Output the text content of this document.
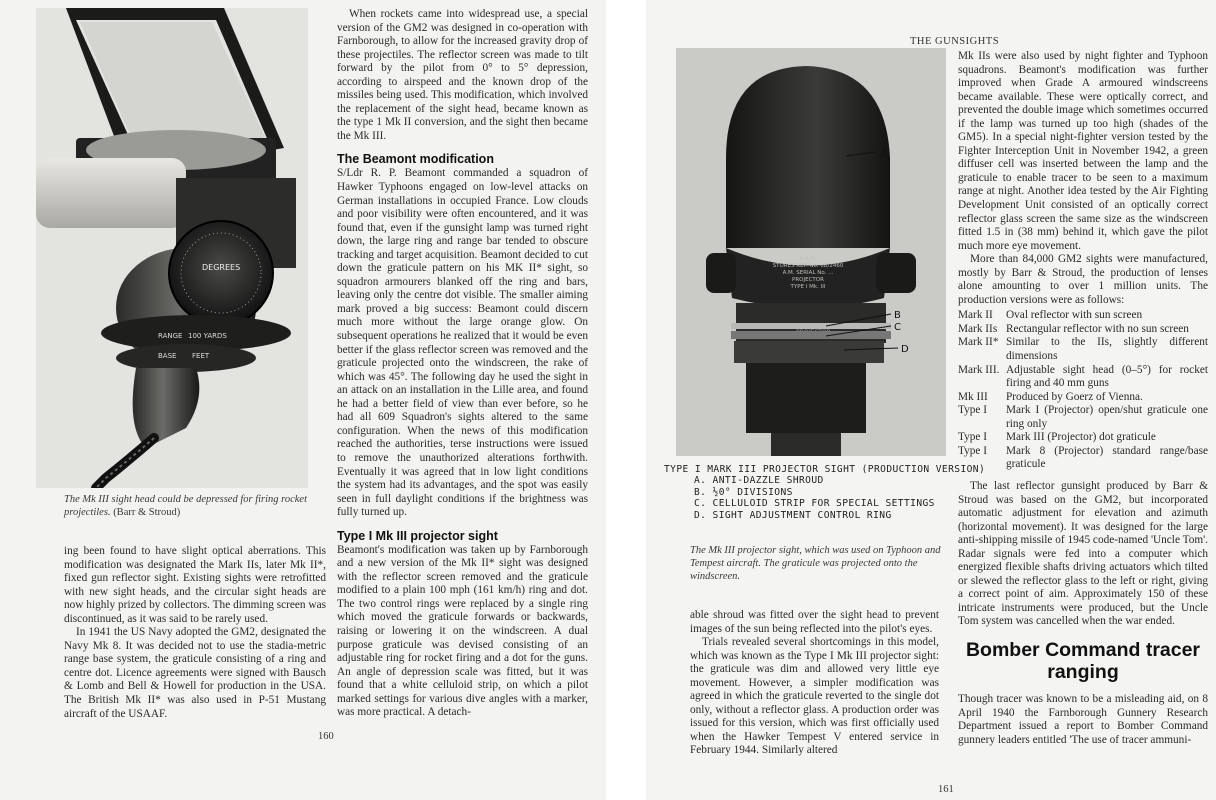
DEGREES
RANGE 100 YARDS
BASE FEET
The Mk III sight head could be depressed for firing rocket projectiles. (Barr & Stroud)

ing been found to have slight optical aberrations. This modification was designated the Mark IIs, later Mk II*, fixed gun reflector sight. Existing sights were retrofitted with new sight heads, and the circular sight heads are now highly prized by collectors. The dimming screen was discontinued, as it was said to be rarely used.

In 1941 the US Navy adopted the GM2, designated the Navy Mk 8. It was decided not to use the stadia-metric range base system, the graticule consisting of a ring and centre dot. Licence agreements were signed with Bausch & Lomb and Bell & Howell for production in the USA. The British Mk II* was also used in P-51 Mustang aircraft of the USAAF.

When rockets came into widespread use, a special version of the GM2 was designed in co-operation with Farnborough, to allow for the increased gravity drop of these projectiles. The reflector screen was made to tilt forward by the pilot from 0° to 5° depression, according to airspeed and the known drop of the missiles being used. This modification, which involved the replacement of the sight head, became known as the type 1 Mk II conversion, and the sight then became the Mk III.

The Beamont modification

S/Ldr R. P. Beamont commanded a squadron of Hawker Typhoons engaged on low-level attacks on German installations in occupied France. Low clouds and poor visibility were often encountered, and it was found that, even if the gunsight lamp was turned right down, the large ring and range bar tended to obscure tracking and target acquisition. Beamont decided to cut down the graticule pattern on his MK II* sight, so squadron armourers blanked off the ring and bars, leaving only the centre dot visible. The smaller aiming mark proved a big success: Beamont could discern much more without the large orange glow. On subsequent operations he realized that it would be even better if the glass reflector screen was removed and the graticule projected onto the windscreen, the rake of which was 45°. The following day he used the sight in an attack on an installation in the Lille area, and found he had a better field of view than ever before, so he had all 609 Squadron's sights altered to the same configuration. When the news of this modification reached the authorities, terse instructions were issued to remove the unauthorized alterations forthwith. Eventually it was agreed that in low light conditions the system had its advantages, and the spot was easily seen in full daylight conditions if the brightness was fully turned up.

Type I Mk III projector sight

Beamont's modification was taken up by Farnborough and a new version of the Mk II* sight was designed with the reflector screen removed and the graticule modified to a plain 100 mph (161 km/h) ring and dot. The two control rings were replaced by a single ring which moved the graticule forwards or backwards, raising or lowering it on the windscreen. A dual purpose graticule was devised consisting of an adjustable ring for rocket firing and a dot for the guns. An angle of depression scale was fitted, but it was found that a white celluloid strip, on which a pilot marked settings for various dive angles with a marker, was more practical. A detach-

160
THE GUNSIGHTS
A.A.M.
STORES REF. No. 6B/2460
A.M. SERIAL No. ...
PROJECTOR
TYPE I Mk. III
A
B
C
D
TYPE I MARK III PROJECTOR SIGHT (PRODUCTION VERSION)
A. ANTI-DAZZLE SHROUD
B. ½0° DIVISIONS
C. CELLULOID STRIP FOR SPECIAL SETTINGS
D. SIGHT ADJUSTMENT CONTROL RING
The Mk III projector sight, which was used on Typhoon and Tempest aircraft. The graticule was projected onto the windscreen.

able shroud was fitted over the sight head to prevent images of the sun being reflected into the pilot's eyes.

Trials revealed several shortcomings in this model, which was known as the Type I Mk III projector sight: the graticule was dim and allowed very little eye movement. However, a simpler modification was agreed in which the graticule reverted to the single dot only, without a reflector glass. A production order was issued for this version, which was first officially used when the Hawker Tempest V entered service in February 1944. Similarly altered

Mk IIs were also used by night fighter and Typhoon squadrons. Beamont's modification was further improved when Grade A armoured windscreens became available. These were optically correct, and prevented the double image which sometimes occurred if the lamp was turned up too high (shades of the GM5). In a special night-fighter version tested by the Fighter Interception Unit in November 1942, a green diffuser cell was inserted between the lamp and the graticule to enable tracer to be seen to a maximum range at night. Another idea tested by the Air Fighting Development Unit consisted of an optically correct reflector glass screen the same size as the windscreen fitted 1.5 in (38 mm) behind it, which gave the pilot much more eye movement.

More than 84,000 GM2 sights were manufactured, mostly by Barr & Stroud, the production of lenses alone amounting to over 1 million units. The production versions were as follows:

Mark II	Oval reflector with sun screen
Mark IIs Rectangular reflector with no sun screen
Mark II* Similar to the IIs, slightly different dimensions
Mark III. Adjustable sight head (0–5°) for rocket firing and 40 mm guns
Mk III	Produced by Goerz of Vienna.
Type I	Mark I (Projector) open/shut graticule one ring only
Type I	Mark III (Projector) dot graticule
Type I	Mark 8 (Projector) standard range/base graticule

The last reflector gunsight produced by Barr & Stroud was based on the GM2, but incorporated automatic adjustment for elevation and azimuth (horizontal movement). It was designed for the large anti-shipping missile of 1945 code-named 'Uncle Tom'. Radar signals were fed into a computer which energized flexible shafts driving actuators which tilted or slewed the reflector glass to the left or right, giving a correct point of aim. Approximately 150 of these intricate instruments were produced, but the Uncle Tom system was cancelled when the war ended.

Bomber Command tracer ranging

Though tracer was known to be a misleading aid, on 8 April 1940 the Farnborough Gunnery Research Department issued a report to Bomber Command gunnery leaders entitled 'The use of tracer ammuni-

161
